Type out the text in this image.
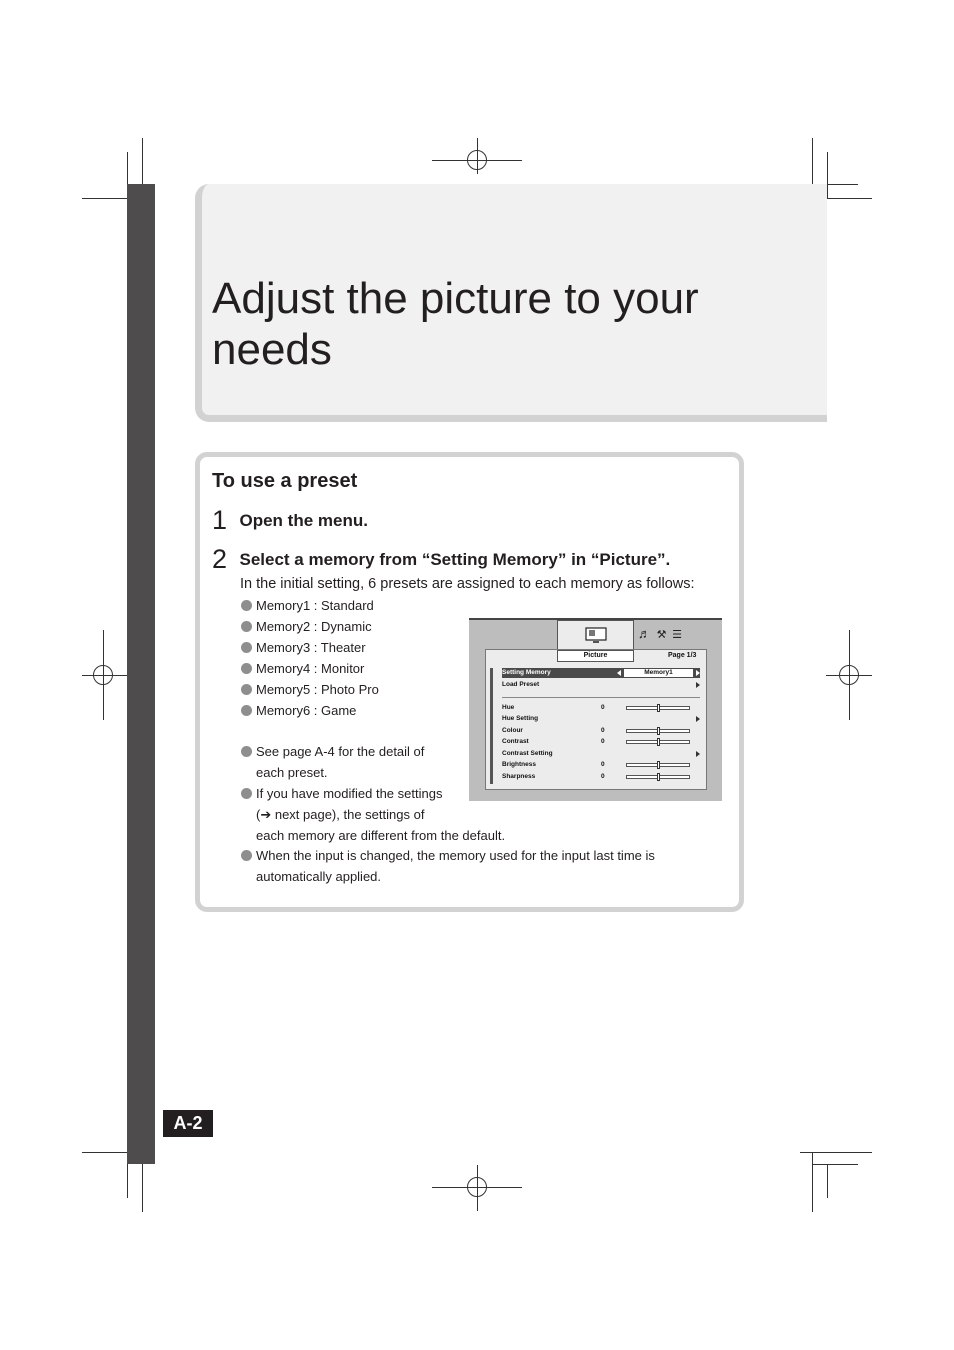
Adjust the picture to your needs
To use a preset
1 Open the menu.
2 Select a memory from “Setting Memory” in “Picture”.
In the initial setting, 6 presets are assigned to each memory as follows:
Memory1 : Standard
Memory2 : Dynamic
Memory3 : Theater
Memory4 : Monitor
Memory5 : Photo Pro
Memory6 : Game
See page A-4 for the detail of
each preset.
If you have modified the settings
(➔ next page), the settings of
each memory are different from the default.
When the input is changed, the memory used for the input last time is
automatically applied.
♬ ⚒ ☰
Picture	Page 1/3
Setting Memory	Memory1
Load Preset
Hue	0
Hue Setting
Colour	0
Contrast	0
Contrast Setting
Brightness	0
Sharpness	0
A-2
